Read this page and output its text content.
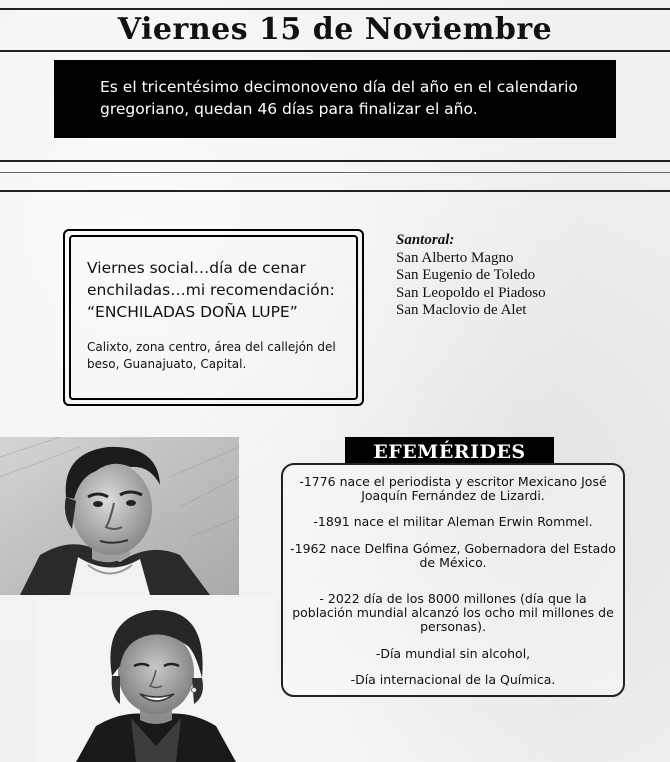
Viernes 15 de Noviembre
Es el tricentésimo decimonoveno día del año en el calendario gregoriano, quedan 46 días para finalizar el año.

Viernes social…día de cenar enchiladas…mi recomendación: “ENCHILADAS DOÑA LUPE”

Calixto, zona centro, área del callejón del beso, Guanajuato, Capital.

Santoral:
San Alberto Magno
San Eugenio de Toledo
San Leopoldo el Piadoso
San Maclovio de Alet
EFEMÉRIDES

-1776 nace el periodista y escritor Mexicano José Joaquín Fernández de Lizardi.

-1891 nace el militar Aleman Erwin Rommel.

-1962 nace Delfina Gómez, Gobernadora del Estado de México.

- 2022 día de los 8000 millones (día que la población mundial alcanzó los ocho mil millones de personas).

-Día mundial sin alcohol,

-Día internacional de la Química.
